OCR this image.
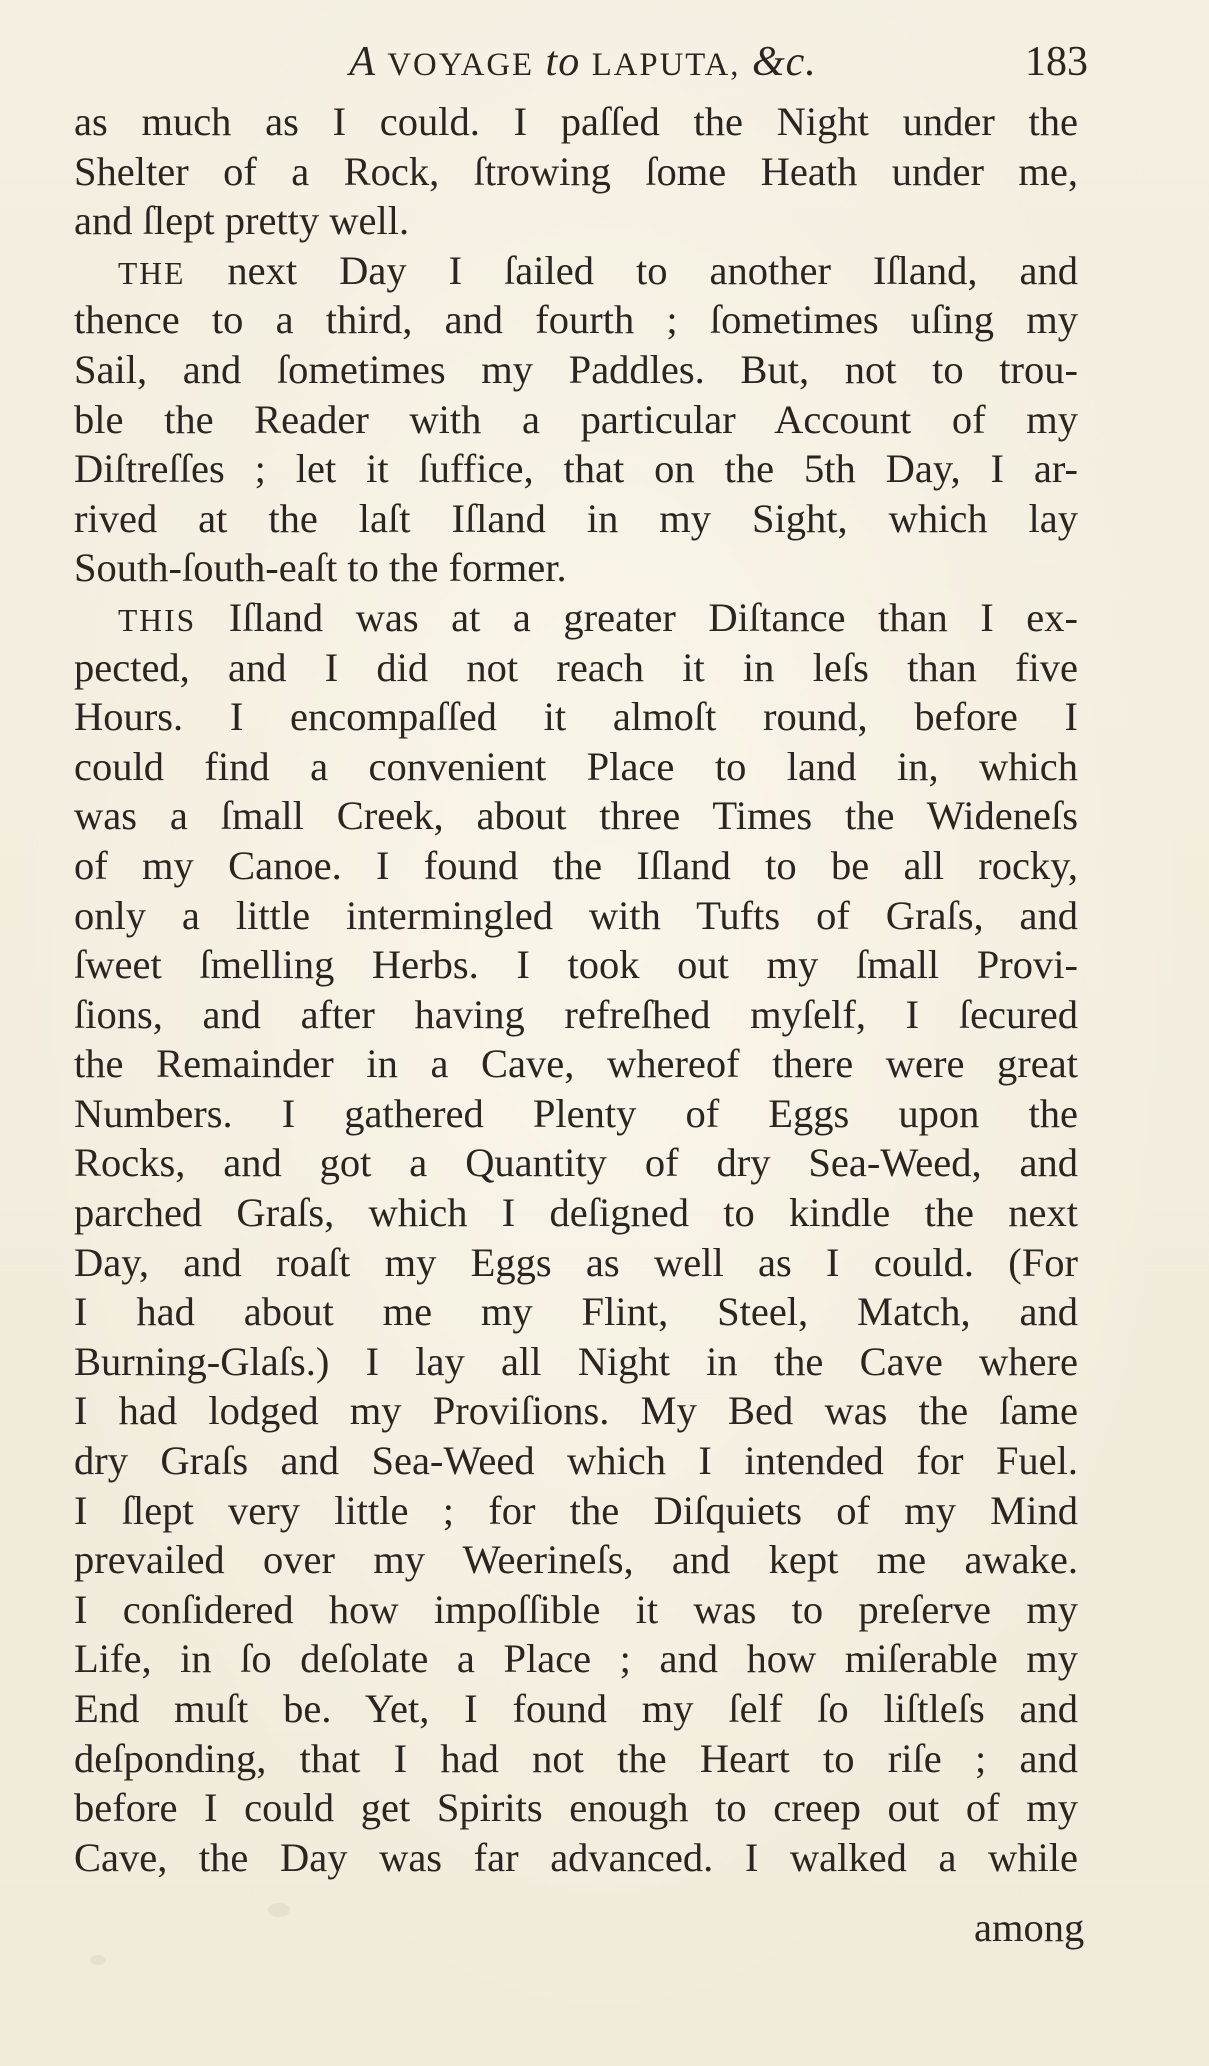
A VOYAGE to LAPUTA, &c.	183
as much as I could. I paſſed the Night under the
Shelter of a Rock, ſtrowing ſome Heath under me,
and ſlept pretty well.
THE next Day I ſailed to another Iſland, and
thence to a third, and fourth ; ſometimes uſing my
Sail, and ſometimes my Paddles. But, not to trou-
ble the Reader with a particular Account of my
Diſtreſſes ; let it ſuffice, that on the 5th Day, I ar-
rived at the laſt Iſland in my Sight, which lay
South-ſouth-eaſt to the former.
THIS Iſland was at a greater Diſtance than I ex-
pected, and I did not reach it in leſs than five
Hours. I encompaſſed it almoſt round, before I
could find a convenient Place to land in, which
was a ſmall Creek, about three Times the Wideneſs
of my Canoe. I found the Iſland to be all rocky,
only a little intermingled with Tufts of Graſs, and
ſweet ſmelling Herbs. I took out my ſmall Provi-
ſions, and after having refreſhed myſelf, I ſecured
the Remainder in a Cave, whereof there were great
Numbers. I gathered Plenty of Eggs upon the
Rocks, and got a Quantity of dry Sea-Weed, and
parched Graſs, which I deſigned to kindle the next
Day, and roaſt my Eggs as well as I could. (For
I had about me my Flint, Steel, Match, and
Burning-Glaſs.) I lay all Night in the Cave where
I had lodged my Proviſions. My Bed was the ſame
dry Graſs and Sea-Weed which I intended for Fuel.
I ſlept very little ; for the Diſquiets of my Mind
prevailed over my Weerineſs, and kept me awake.
I conſidered how impoſſible it was to preſerve my
Life, in ſo deſolate a Place ; and how miſerable my
End muſt be. Yet, I found my ſelf ſo liſtleſs and
deſponding, that I had not the Heart to riſe ; and
before I could get Spirits enough to creep out of my
Cave, the Day was far advanced. I walked a while
among
